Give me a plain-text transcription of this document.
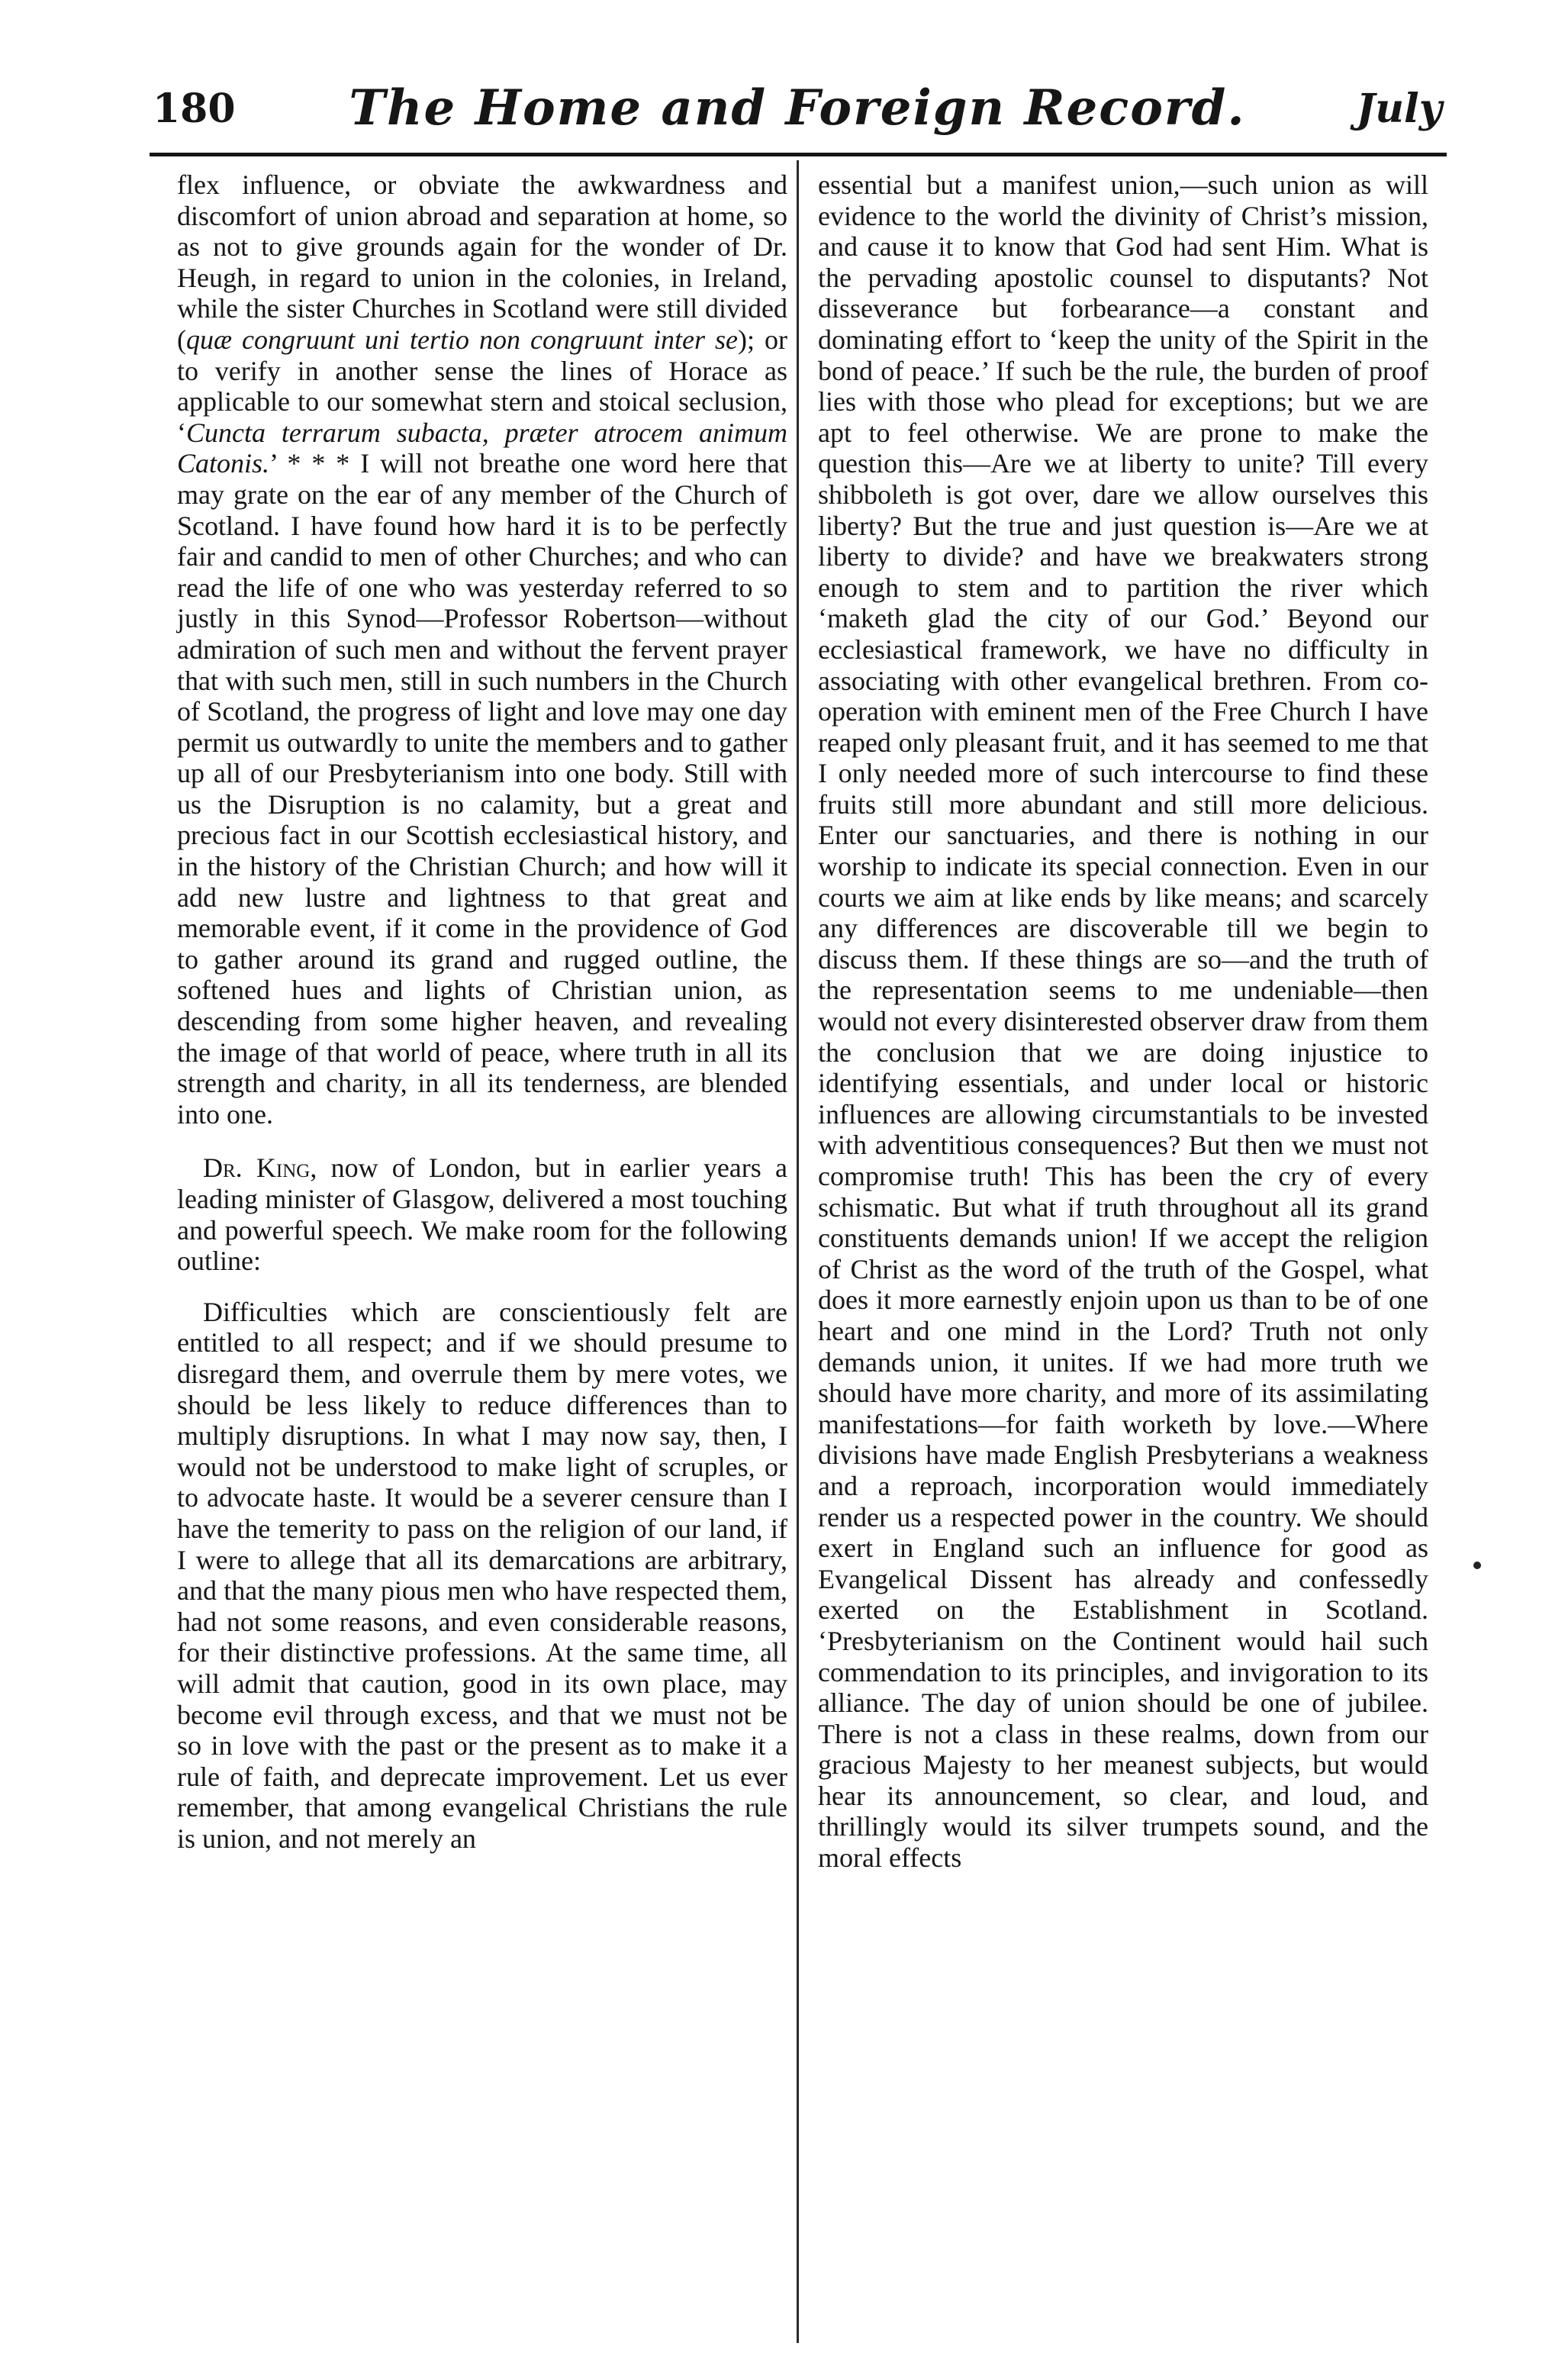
180	The Home and Foreign Record.	July

flex influence, or obviate the awkwardness and discomfort of union abroad and separation at home, so as not to give grounds again for the wonder of Dr. Heugh, in regard to union in the colonies, in Ireland, while the sister Churches in Scotland were still divided (quæ congruunt uni tertio non congruunt inter se); or to verify in another sense the lines of Horace as applicable to our somewhat stern and stoical seclusion, ‘Cuncta terrarum subacta, præter atrocem animum Catonis.’ * * * I will not breathe one word here that may grate on the ear of any member of the Church of Scotland. I have found how hard it is to be perfectly fair and candid to men of other Churches; and who can read the life of one who was yesterday referred to so justly in this Synod—Professor Robertson—without admiration of such men and without the fervent prayer that with such men, still in such numbers in the Church of Scotland, the progress of light and love may one day permit us outwardly to unite the members and to gather up all of our Presbyterianism into one body. Still with us the Disruption is no calamity, but a great and precious fact in our Scottish ecclesiastical history, and in the history of the Christian Church; and how will it add new lustre and lightness to that great and memorable event, if it come in the providence of God to gather around its grand and rugged outline, the softened hues and lights of Christian union, as descending from some higher heaven, and revealing the image of that world of peace, where truth in all its strength and charity, in all its tenderness, are blended into one.

Dr. King, now of London, but in earlier years a leading minister of Glasgow, delivered a most touching and powerful speech. We make room for the following outline:

Difficulties which are conscientiously felt are entitled to all respect; and if we should presume to disregard them, and overrule them by mere votes, we should be less likely to reduce differences than to multiply disruptions. In what I may now say, then, I would not be understood to make light of scruples, or to advocate haste. It would be a severer censure than I have the temerity to pass on the religion of our land, if I were to allege that all its demarcations are arbitrary, and that the many pious men who have respected them, had not some reasons, and even considerable reasons, for their distinctive professions. At the same time, all will admit that caution, good in its own place, may become evil through excess, and that we must not be so in love with the past or the present as to make it a rule of faith, and deprecate improvement. Let us ever remember, that among evangelical Christians the rule is union, and not merely an

essential but a manifest union,—such union as will evidence to the world the divinity of Christ’s mission, and cause it to know that God had sent Him. What is the pervading apostolic counsel to disputants? Not disseverance but forbearance—a constant and dominating effort to ‘keep the unity of the Spirit in the bond of peace.’ If such be the rule, the burden of proof lies with those who plead for exceptions; but we are apt to feel otherwise. We are prone to make the question this—Are we at liberty to unite? Till every shibboleth is got over, dare we allow ourselves this liberty? But the true and just question is—Are we at liberty to divide? and have we breakwaters strong enough to stem and to partition the river which ‘maketh glad the city of our God.’ Beyond our ecclesiastical framework, we have no difficulty in associating with other evangelical brethren. From co-operation with eminent men of the Free Church I have reaped only pleasant fruit, and it has seemed to me that I only needed more of such intercourse to find these fruits still more abundant and still more delicious. Enter our sanctuaries, and there is nothing in our worship to indicate its special connection. Even in our courts we aim at like ends by like means; and scarcely any differences are discoverable till we begin to discuss them. If these things are so—and the truth of the representation seems to me undeniable—then would not every disinterested observer draw from them the conclusion that we are doing injustice to identifying essentials, and under local or historic influences are allowing circumstantials to be invested with adventitious consequences? But then we must not compromise truth! This has been the cry of every schismatic. But what if truth throughout all its grand constituents demands union! If we accept the religion of Christ as the word of the truth of the Gospel, what does it more earnestly enjoin upon us than to be of one heart and one mind in the Lord? Truth not only demands union, it unites. If we had more truth we should have more charity, and more of its assimilating manifestations—for faith worketh by love.—Where divisions have made English Presbyterians a weakness and a reproach, incorporation would immediately render us a respected power in the country. We should exert in England such an influence for good as Evangelical Dissent has already and confessedly exerted on the Establishment in Scotland. ‘Presbyterianism on the Continent would hail such commendation to its principles, and invigoration to its alliance. The day of union should be one of jubilee. There is not a class in these realms, down from our gracious Majesty to her meanest subjects, but would hear its announcement, so clear, and loud, and thrillingly would its silver trumpets sound, and the moral effects
